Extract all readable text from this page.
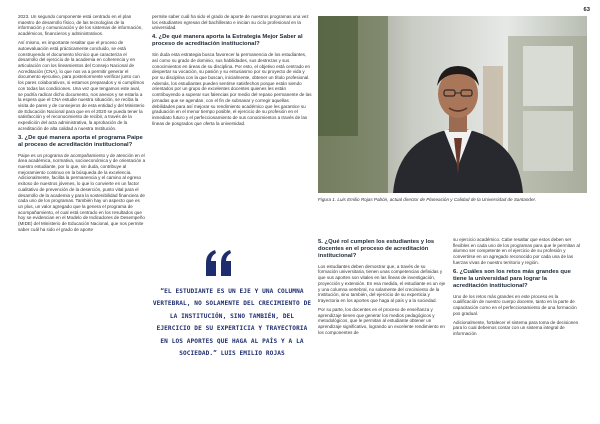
63

2023. Un segundo componente está centrado en el plan maestro de desarrollo físico, de las tecnologías de la información y comunicación y de los sistemas de información, académicos, financieros y administrativos.

Así mismo, es importante resaltar que el proceso de autoevaluación está prácticamente concluido, se está construyendo el documento técnico que caracteriza el desarrollo del ejercicio de la academia en coherencia y en articulación con los lineamientos del Consejo Nacional de Acreditación (CNA), lo que nos va a permitir generar el documento ejecutivo, para posteriormente verificar junto con los pares colaborativos, si estamos preparados y si cumplimos con todas las condiciones. Una vez que tengamos este aval, se podría radicar dicho documento, nos anexos y se estaría a la espera que el CNA estudie nuestra situación, se reciba la visita de pares y de consejeros de esta entidad y del Ministerio de Educación Nacional para que en el 2020 se pueda tener la satisfacción y el reconocimiento de recibir, a través de la expedición del acta administrativa, la aprobación de la acreditación de alta calidad a nuestra Institución.

3. ¿De qué manera aporta el programa Paipe al proceso de acreditación institucional?

Paipe es un programa de acompañamiento y de atención en el área académica, normativa, socioeconómica y de orientación a nuestro estudiante, por lo que, sin duda, contribuye al mejoramiento continuo en la búsqueda de la excelencia. Adicionalmente, facilita la permanencia y el camino al egreso exitoso de nuestros jóvenes, lo que lo convierte en un factor cualitativo de prevención de la deserción, punto vital para el desarrollo de la academia y para la sostenibilidad financiera de cada uno de los programas. También hay un aspecto que es un plus, un valor agregado que la genera el programa de acompañamiento, el cual está centrado en los resultados que hoy se evidencian en el Modelo de Indicadores de Desempeño (MIDE) del Ministerio de Educación Nacional, que nos permite saber cuál ha sido el grado de aporte

permite saber cuál ha sido el grado de aporte de nuestros programas una vez los estudiantes egresan del bachillerato e inician su ciclo profesional en la universidad.

4. ¿De qué manera aporta la Estrategia Mejor Saber al proceso de acreditación institucional?

Sin duda esta estrategia busca favorecer la permanencia de los estudiantes, así como su grado de dominio, sus habilidades, sus destrezas y sus conocimientos en áreas de su disciplina. Por esto, el objetivo está centrado en despertar su vocación, su pasión y su entusiasmo por su proyecto de vida y por su disciplina con la que buscan, inicialmente, obtener un título profesional. Además, los estudiantes pueden sentirse satisfechos porque están siendo orientados por un grupo de excelentes docentes quienes les están contribuyendo a superar sus falencias por medio del repaso permanente de las jornadas que se agendan, con el fin de subsanar y corregir aquellas debilidades para así mejorar su rendimiento académico que les garantice su graduación en el menor tiempo posible, el ejercicio de su profesión en el inmediato futuro y el perfeccionamiento de sus conocimientos a través de las líneas de posgrados que oferta la universidad.

“EL ESTUDIANTE ES UN EJE Y UNA COLUMNA VERTEBRAL, NO SOLAMENTE DEL CRECIMIENTO DE LA INSTITUCIÓN, SINO TAMBIÉN, DEL EJERCICIO DE SU EXPERTICIA Y TRAYECTORIA EN LOS APORTES QUE HAGA AL PAÍS Y A LA SOCIEDAD.” LUIS EMILIO ROJAS
Figura 1. Luis Emilio Rojas Pabón, actual director de Planeación y Calidad de la Universidad de Santander.
5. ¿Qué rol cumplen los estudiantes y los docentes en el proceso de acreditación institucional?

Los estudiantes deben demostrar que, a través de su formación universitaria, tienen unas competencias definidas y que sus aportes son vitales en las líneas de investigación, proyección y extensión. En esa medida, el estudiante es un eje y una columna vertebral, no solamente del crecimiento de la Institución, sino también, del ejercicio de su experticia y trayectoria en los aportes que haga al país y a la sociedad.

Por su parte, los docentes en el proceso de enseñanza y aprendizaje tienen que generar los medios pedagógicos y metodológicos, que le permitan al estudiante obtener un aprendizaje significativo, logrando un excelente rendimiento en los componentes de

su ejercicio académico. Cabe resaltar que estos deben ser flexibles en cada uno de los programas para que le permitan al alumno ser competente en el ejercicio de su profesión y convertirse en un agregado reconocido por cada una de las fuerzas vivas de nuestro territorio y región.

6. ¿Cuáles son los retos más grandes que tiene la universidad para lograr la acreditación institucional?

Uno de los retos más grandes en este proceso es la cualificación de nuestro cuerpo docente, tanto en la parte de capacitación como en el perfeccionamiento de una formación pos gradual.

Adicionalmente, fortalecer el sistema para toma de decisiones para lo cual debemos contar con un sistema integral de información
